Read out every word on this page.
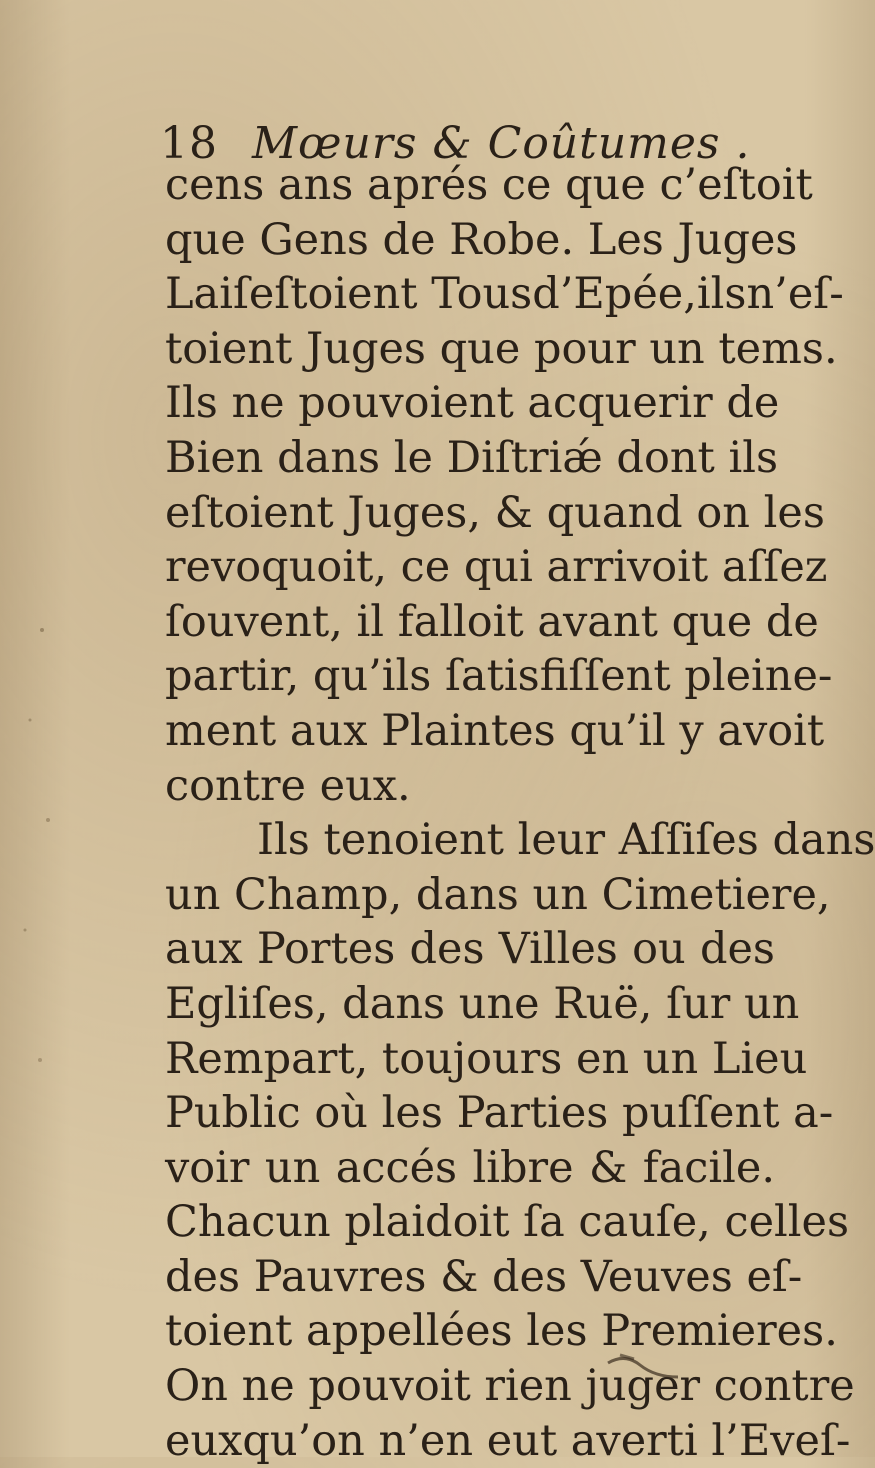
18 Mœurs & Coûtumes .
cens ans aprés ce que c’eſtoit
que Gens de Robe. Les Juges
Laiſeſtoient Tousd’Epée,ilsn’eſ-
toient Juges que pour un tems.
Ils ne pouvoient acquerir de
Bien dans le Diſtriǽ dont ils
eſtoient Juges, & quand on les
revoquoit, ce qui arrivoit aſſez
ſouvent, il falloit avant que de
partir, qu’ils ſatisfiſſent pleine-
ment aux Plaintes qu’il y avoit
contre eux.
Ils tenoient leur Aſſiſes dans
un Champ, dans un Cimetiere,
aux Portes des Villes ou des
Egliſes, dans une Ruë, ſur un
Rempart, toujours en un Lieu
Public où les Parties puſſent a-
voir un accés libre & facile.
Chacun plaidoit ſa cauſe, celles
des Pauvres & des Veuves eſ-
toient appellées les Premieres.
On ne pouvoit rien juger contre
euxqu’on n’en eut averti l’Eveſ-
